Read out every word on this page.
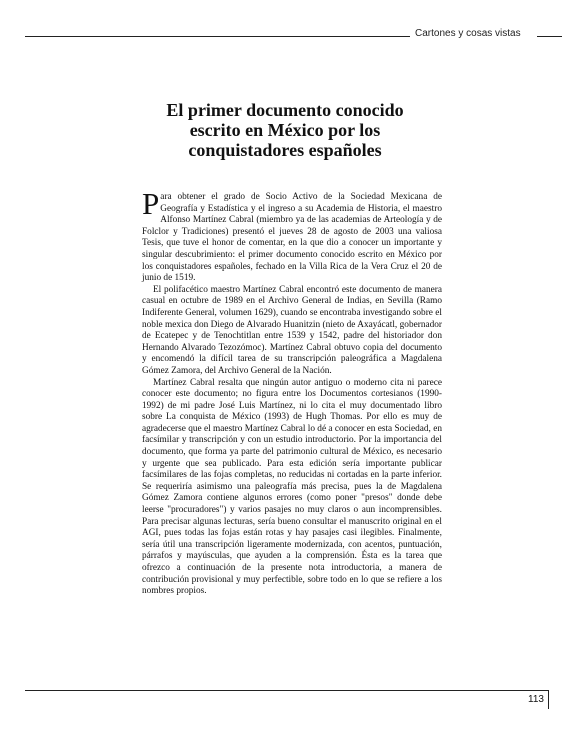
Cartones y cosas vistas
El primer documento conocido
escrito en México por los
conquistadores españoles

Para obtener el grado de Socio Activo de la Sociedad Mexicana de Geografía y Estadística y el ingreso a su Academia de Historia, el maestro Alfonso Martínez Cabral (miembro ya de las academias de Arteología y de Folclor y Tradiciones) presentó el jueves 28 de agosto de 2003 una valiosa Tesis, que tuve el honor de comentar, en la que dio a conocer un importante y singular descubrimiento: el primer documento conocido escrito en México por los conquistadores españoles, fechado en la Villa Rica de la Vera Cruz el 20 de junio de 1519.

El polifacético maestro Martínez Cabral encontró este documento de manera casual en octubre de 1989 en el Archivo General de Indias, en Sevilla (Ramo Indiferente General, volumen 1629), cuando se encontraba investigando sobre el noble mexica don Diego de Alvarado Huanitzin (nieto de Axayácatl, gobernador de Ecatepec y de Tenochtitlan entre 1539 y 1542, padre del historiador don Hernando Alvarado Tezozómoc). Martínez Cabral obtuvo copia del documento y encomendó la difícil tarea de su transcripción paleográfica a Magdalena Gómez Zamora, del Archivo General de la Nación.

Martínez Cabral resalta que ningún autor antiguo o moderno cita ni parece conocer este documento; no figura entre los Documentos cortesianos (1990-1992) de mi padre José Luis Martínez, ni lo cita el muy documentado libro sobre La conquista de México (1993) de Hugh Thomas. Por ello es muy de agradecerse que el maestro Martínez Cabral lo dé a conocer en esta Sociedad, en facsímilar y transcripción y con un estudio introductorio. Por la importancia del documento, que forma ya parte del patrimonio cultural de México, es necesario y urgente que sea publicado. Para esta edición sería importante publicar facsímilares de las fojas completas, no reducidas ni cortadas en la parte inferior. Se requeriría asimismo una paleografía más precisa, pues la de Magdalena Gómez Zamora contiene algunos errores (como poner "presos" donde debe leerse "procuradores") y varios pasajes no muy claros o aun incomprensibles. Para precisar algunas lecturas, sería bueno consultar el manuscrito original en el AGI, pues todas las fojas están rotas y hay pasajes casi ilegibles. Finalmente, sería útil una transcripción ligeramente modernizada, con acentos, puntuación, párrafos y mayúsculas, que ayuden a la comprensión. Ésta es la tarea que ofrezco a continuación de la presente nota introductoria, a manera de contribución provisional y muy perfectible, sobre todo en lo que se refiere a los nombres propios.

113
